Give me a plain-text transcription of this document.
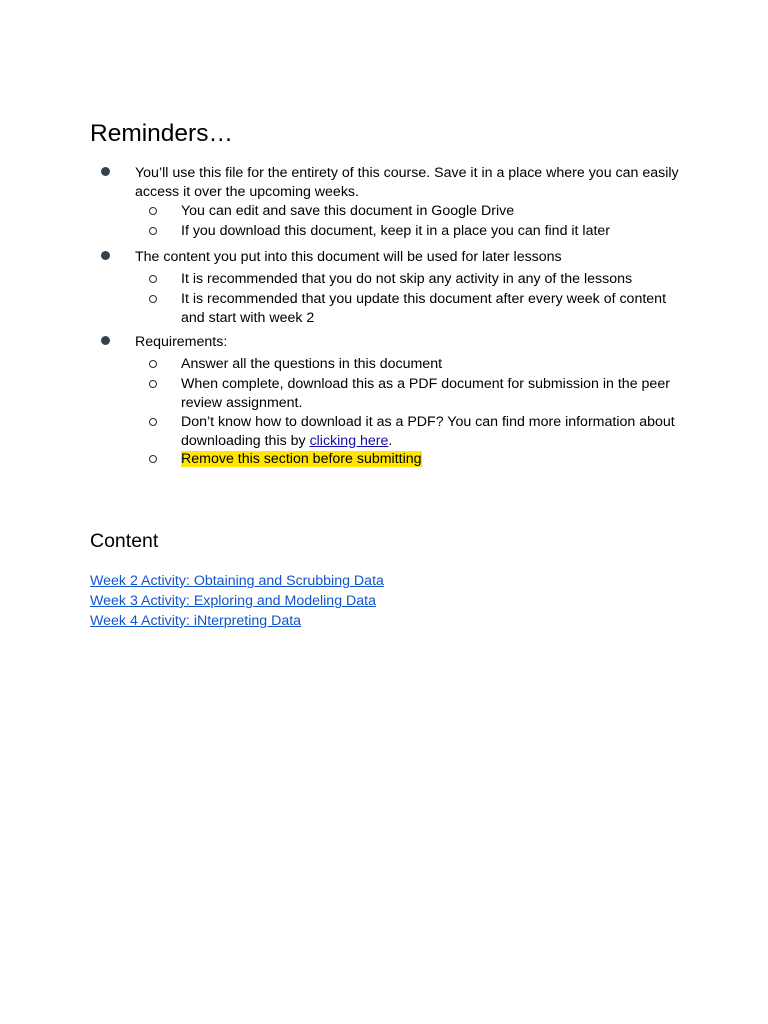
Reminders…
You’ll use this file for the entirety of this course. Save it in a place where you can easily access it over the upcoming weeks.
You can edit and save this document in Google Drive
If you download this document, keep it in a place you can find it later
The content you put into this document will be used for later lessons
It is recommended that you do not skip any activity in any of the lessons
It is recommended that you update this document after every week of content and start with week 2
Requirements:
Answer all the questions in this document
When complete, download this as a PDF document for submission in the peer review assignment.
Don’t know how to download it as a PDF? You can find more information about downloading this by clicking here.
Remove this section before submitting
Content
Week 2 Activity: Obtaining and Scrubbing Data
Week 3 Activity: Exploring and Modeling Data
Week 4 Activity: iNterpreting Data
